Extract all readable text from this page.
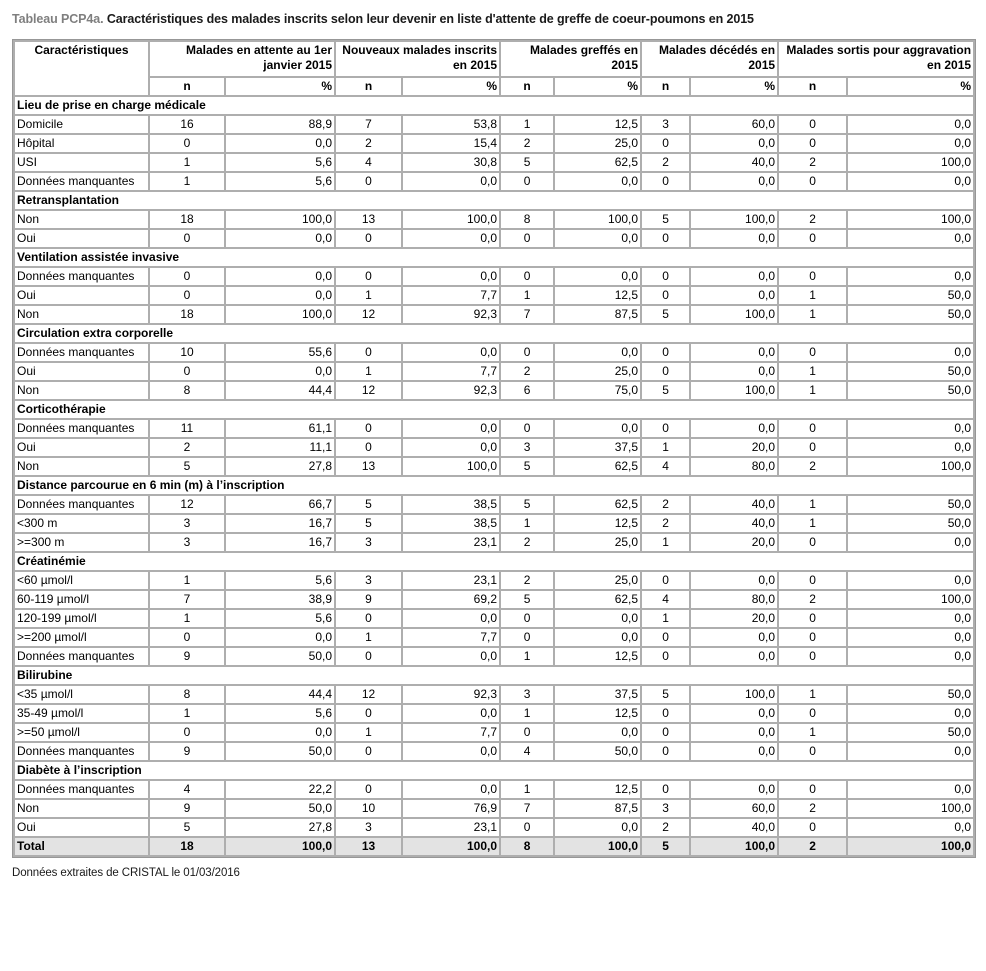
Tableau PCP4a. Caractéristiques des malades inscrits selon leur devenir en liste d'attente de greffe de coeur-poumons en 2015

Caractéristiques	Malades en attente au 1er janvier 2015		Nouveaux malades inscrits en 2015		Malades greffés en 2015		Malades décédés en 2015		Malades sortis pour aggravation en 2015	
	n	%	n	%	n	%	n	%	n	%
Lieu de prise en charge médicale										
Domicile	16	88,9	7	53,8	1	12,5	3	60,0	0	0,0
Hôpital	0	0,0	2	15,4	2	25,0	0	0,0	0	0,0
USI	1	5,6	4	30,8	5	62,5	2	40,0	2	100,0
Données manquantes	1	5,6	0	0,0	0	0,0	0	0,0	0	0,0
Retransplantation										
Non	18	100,0	13	100,0	8	100,0	5	100,0	2	100,0
Oui	0	0,0	0	0,0	0	0,0	0	0,0	0	0,0
Ventilation assistée invasive										
Données manquantes	0	0,0	0	0,0	0	0,0	0	0,0	0	0,0
Oui	0	0,0	1	7,7	1	12,5	0	0,0	1	50,0
Non	18	100,0	12	92,3	7	87,5	5	100,0	1	50,0
Circulation extra corporelle										
Données manquantes	10	55,6	0	0,0	0	0,0	0	0,0	0	0,0
Oui	0	0,0	1	7,7	2	25,0	0	0,0	1	50,0
Non	8	44,4	12	92,3	6	75,0	5	100,0	1	50,0
Corticothérapie										
Données manquantes	11	61,1	0	0,0	0	0,0	0	0,0	0	0,0
Oui	2	11,1	0	0,0	3	37,5	1	20,0	0	0,0
Non	5	27,8	13	100,0	5	62,5	4	80,0	2	100,0
Distance parcourue en 6 min (m) à l’inscription										
Données manquantes	12	66,7	5	38,5	5	62,5	2	40,0	1	50,0
<300 m	3	16,7	5	38,5	1	12,5	2	40,0	1	50,0
>=300 m	3	16,7	3	23,1	2	25,0	1	20,0	0	0,0
Créatinémie										
<60 µmol/l	1	5,6	3	23,1	2	25,0	0	0,0	0	0,0
60-119 µmol/l	7	38,9	9	69,2	5	62,5	4	80,0	2	100,0
120-199 µmol/l	1	5,6	0	0,0	0	0,0	1	20,0	0	0,0
>=200 µmol/l	0	0,0	1	7,7	0	0,0	0	0,0	0	0,0
Données manquantes	9	50,0	0	0,0	1	12,5	0	0,0	0	0,0
Bilirubine										
<35 µmol/l	8	44,4	12	92,3	3	37,5	5	100,0	1	50,0
35-49 µmol/l	1	5,6	0	0,0	1	12,5	0	0,0	0	0,0
>=50 µmol/l	0	0,0	1	7,7	0	0,0	0	0,0	1	50,0
Données manquantes	9	50,0	0	0,0	4	50,0	0	0,0	0	0,0
Diabète à l’inscription										
Données manquantes	4	22,2	0	0,0	1	12,5	0	0,0	0	0,0
Non	9	50,0	10	76,9	7	87,5	3	60,0	2	100,0
Oui	5	27,8	3	23,1	0	0,0	2	40,0	0	0,0
Total	18	100,0	13	100,0	8	100,0	5	100,0	2	100,0

Données extraites de CRISTAL le 01/03/2016
